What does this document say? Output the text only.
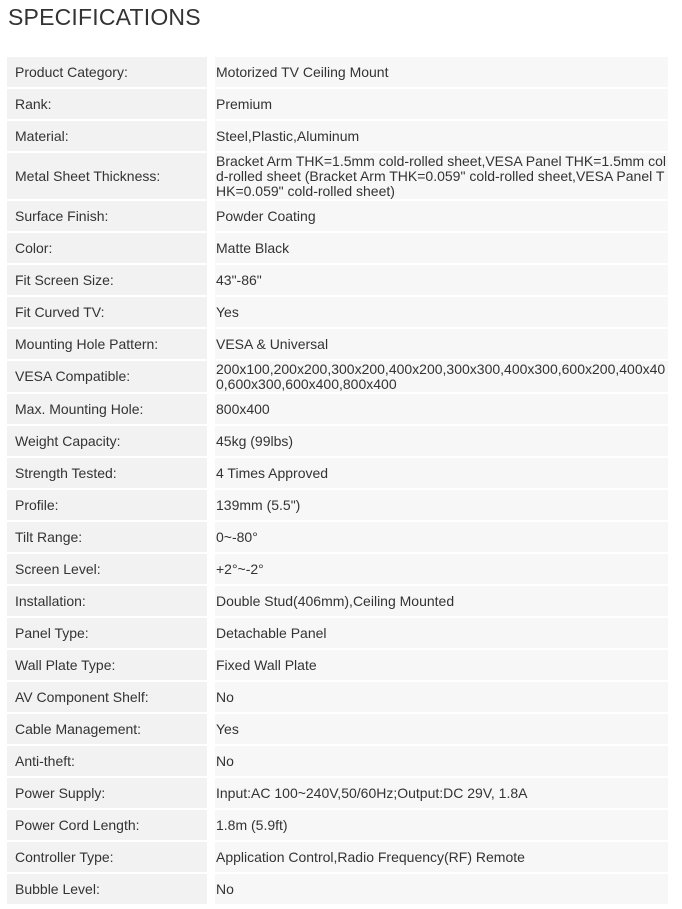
SPECIFICATIONS
Product Category:	Motorized TV Ceiling Mount
Rank:	Premium
Material:	Steel,Plastic,Aluminum
Metal Sheet Thickness:	Bracket Arm THK=1.5mm cold-rolled sheet,VESA Panel THK=1.5mm cold-rolled sheet (Bracket Arm THK=0.059" cold-rolled sheet,VESA Panel THK=0.059" cold-rolled sheet)
Surface Finish:	Powder Coating
Color:	Matte Black
Fit Screen Size:	43"-86"
Fit Curved TV:	Yes
Mounting Hole Pattern:	VESA & Universal
VESA Compatible:	200x100,200x200,300x200,400x200,300x300,400x300,600x200,400x400,600x300,600x400,800x400
Max. Mounting Hole:	800x400
Weight Capacity:	45kg (99lbs)
Strength Tested:	4 Times Approved
Profile:	139mm (5.5")
Tilt Range:	0~-80°
Screen Level:	+2°~-2°
Installation:	Double Stud(406mm),Ceiling Mounted
Panel Type:	Detachable Panel
Wall Plate Type:	Fixed Wall Plate
AV Component Shelf:	No
Cable Management:	Yes
Anti-theft:	No
Power Supply:	Input:AC 100~240V,50/60Hz;Output:DC 29V, 1.8A
Power Cord Length:	1.8m (5.9ft)
Controller Type:	Application Control,Radio Frequency(RF) Remote
Bubble Level:	No
